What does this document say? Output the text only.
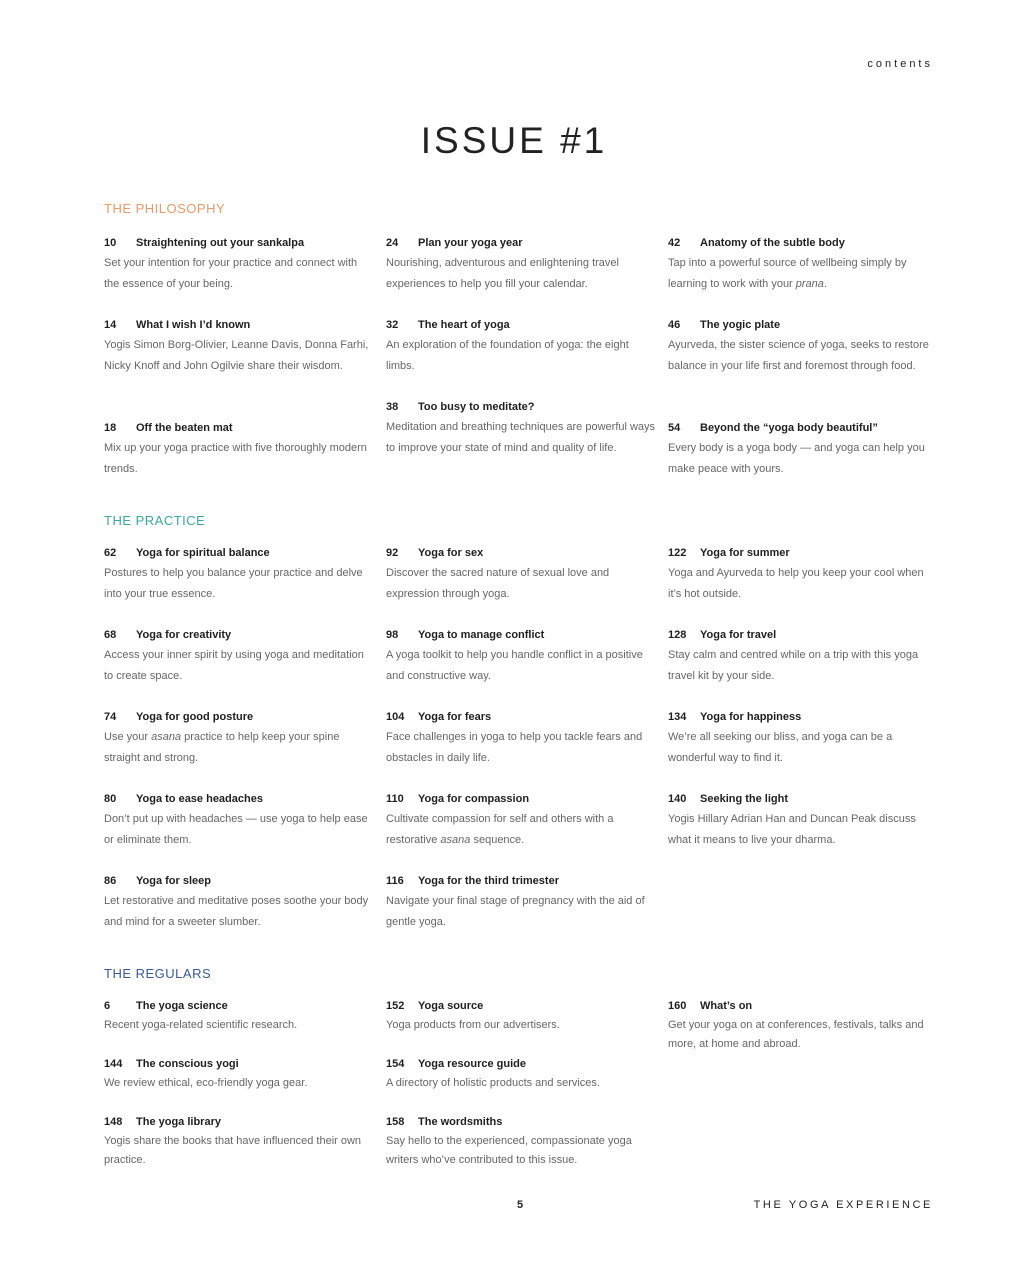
contents
ISSUE #1
THE PHILOSOPHY
THE PRACTICE
THE REGULARS
10 Straightening out your sankalpa
Set your intention for your practice and connect with the essence of your being.
24 Plan your yoga year
Nourishing, adventurous and enlightening travel experiences to help you fill your calendar.
42 Anatomy of the subtle body
Tap into a powerful source of wellbeing simply by learning to work with your prana.
14 What I wish I’d known
Yogis Simon Borg-Olivier, Leanne Davis, Donna Farhi, Nicky Knoff and John Ogilvie share their wisdom.
32 The heart of yoga
An exploration of the foundation of yoga: the eight limbs.
46 The yogic plate
Ayurveda, the sister science of yoga, seeks to restore balance in your life first and foremost through food.
38 Too busy to meditate?
Meditation and breathing techniques are powerful ways to improve your state of mind and quality of life.
18 Off the beaten mat
Mix up your yoga practice with five thoroughly modern trends.
54 Beyond the “yoga body beautiful”
Every body is a yoga body — and yoga can help you make peace with yours.
62 Yoga for spiritual balance
Postures to help you balance your practice and delve into your true essence.
92 Yoga for sex
Discover the sacred nature of sexual love and expression through yoga.
122 Yoga for summer
Yoga and Ayurveda to help you keep your cool when it’s hot outside.
68 Yoga for creativity
Access your inner spirit by using yoga and meditation to create space.
98 Yoga to manage conflict
A yoga toolkit to help you handle conflict in a positive and constructive way.
128 Yoga for travel
Stay calm and centred while on a trip with this yoga travel kit by your side.
74 Yoga for good posture
Use your asana practice to help keep your spine straight and strong.
104 Yoga for fears
Face challenges in yoga to help you tackle fears and obstacles in daily life.
134 Yoga for happiness
We’re all seeking our bliss, and yoga can be a wonderful way to find it.
80 Yoga to ease headaches
Don’t put up with headaches — use yoga to help ease or eliminate them.
110 Yoga for compassion
Cultivate compassion for self and others with a restorative asana sequence.
140 Seeking the light
Yogis Hillary Adrian Han and Duncan Peak discuss what it means to live your dharma.
86 Yoga for sleep
Let restorative and meditative poses soothe your body and mind for a sweeter slumber.
116 Yoga for the third trimester
Navigate your final stage of pregnancy with the aid of gentle yoga.
6 The yoga science
Recent yoga-related scientific research.
152 Yoga source
Yoga products from our advertisers.
160 What’s on
Get your yoga on at conferences, festivals, talks and more, at home and abroad.
144 The conscious yogi
We review ethical, eco-friendly yoga gear.
154 Yoga resource guide
A directory of holistic products and services.
148 The yoga library
Yogis share the books that have influenced their own practice.
158 The wordsmiths
Say hello to the experienced, compassionate yoga writers who’ve contributed to this issue.
5	THE YOGA EXPERIENCE
